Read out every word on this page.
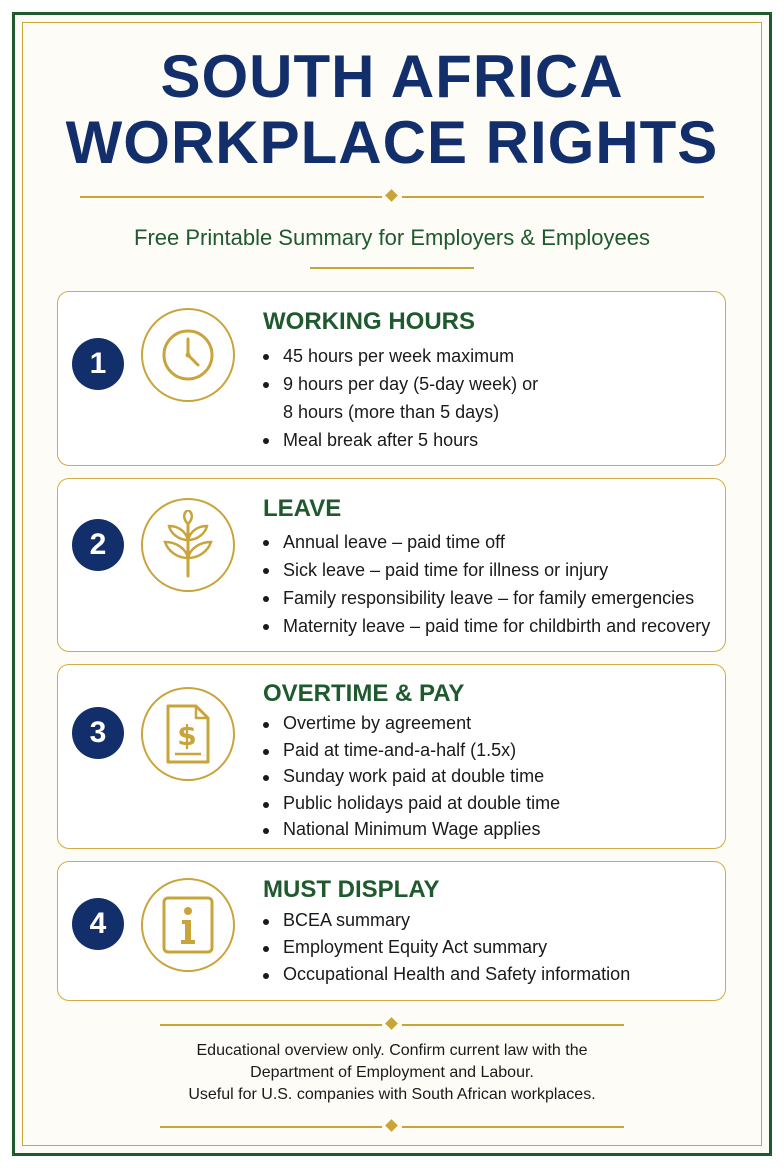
SOUTH AFRICA
WORKPLACE RIGHTS
Free Printable Summary for Employers & Employees
1
WORKING HOURS
45 hours per week maximum
9 hours per day (5-day week) or
8 hours (more than 5 days)
Meal break after 5 hours
2
LEAVE
Annual leave – paid time off
Sick leave – paid time for illness or injury
Family responsibility leave – for family emergencies
Maternity leave – paid time for childbirth and recovery
3	$
OVERTIME & PAY
Overtime by agreement
Paid at time-and-a-half (1.5x)
Sunday work paid at double time
Public holidays paid at double time
National Minimum Wage applies
4
MUST DISPLAY
BCEA summary
Employment Equity Act summary
Occupational Health and Safety information
Educational overview only. Confirm current law with the
Department of Employment and Labour.
Useful for U.S. companies with South African workplaces.
